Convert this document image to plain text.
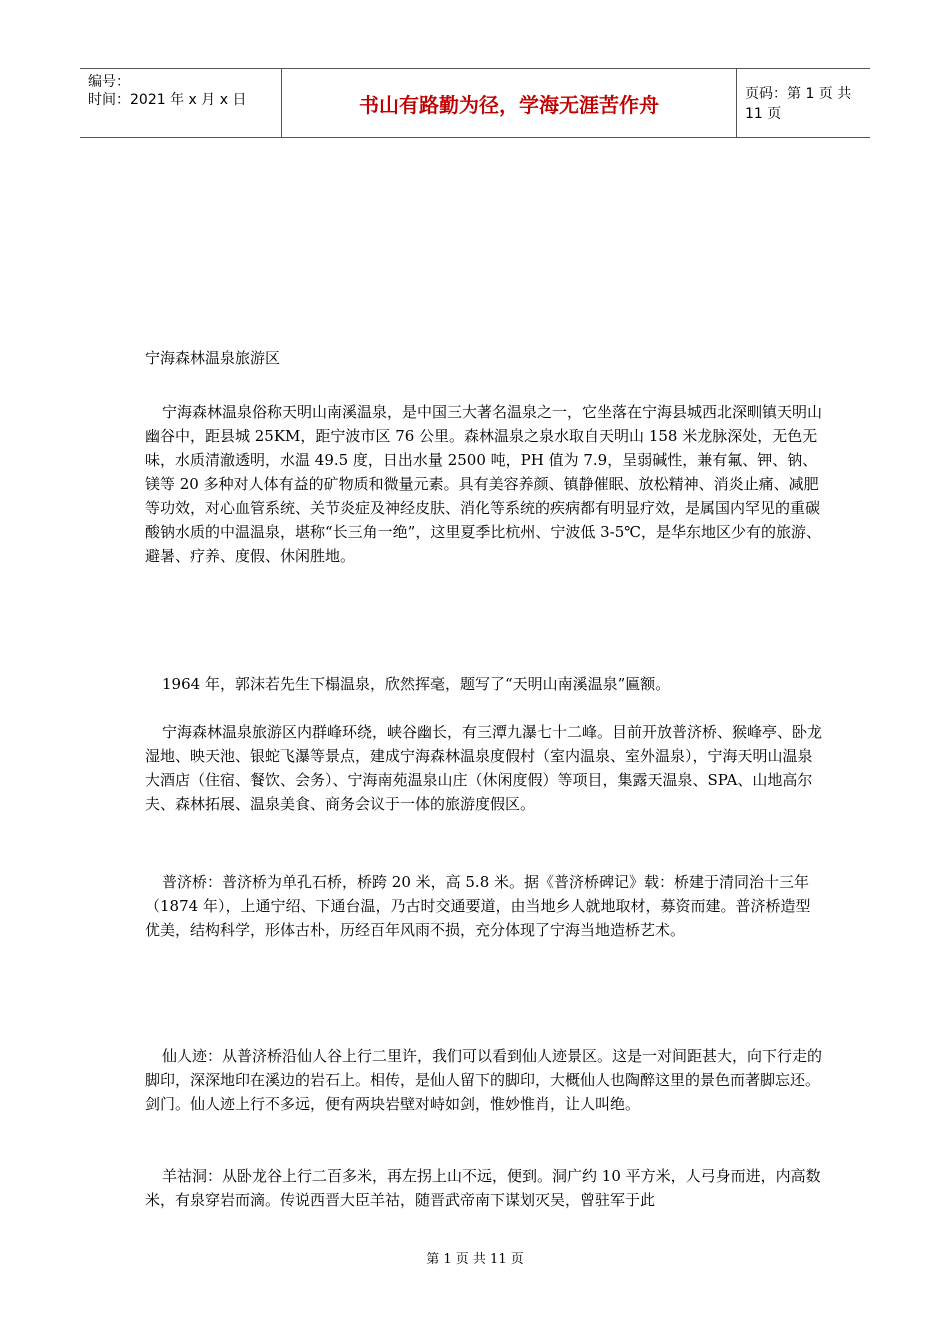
编号：
时间：2021 年 x 月 x 日	书山有路勤为径，学海无涯苦作舟	页码：第 1 页 共 11 页

宁海森林温泉旅游区

宁海森林温泉俗称天明山南溪温泉，是中国三大著名温泉之一，它坐落在宁海县城西北深甽镇天明山幽谷中，距县城 25KM，距宁波市区 76 公里。森林温泉之泉水取自天明山 158 米龙脉深处，无色无味，水质清澈透明，水温 49.5 度，日出水量 2500 吨，PH 值为 7.9，呈弱碱性，兼有氟、钾、钠、镁等 20 多种对人体有益的矿物质和微量元素。具有美容养颜、镇静催眠、放松精神、消炎止痛、减肥等功效，对心血管系统、关节炎症及神经皮肤、消化等系统的疾病都有明显疗效，是属国内罕见的重碳酸钠水质的中温温泉，堪称“长三角一绝”，这里夏季比杭州、宁波低 3-5℃，是华东地区少有的旅游、避暑、疗养、度假、休闲胜地。

1964 年，郭沫若先生下榻温泉，欣然挥毫，题写了“天明山南溪温泉”匾额。

宁海森林温泉旅游区内群峰环绕，峡谷幽长，有三潭九瀑七十二峰。目前开放普济桥、猴峰亭、卧龙湿地、映天池、银蛇飞瀑等景点，建成宁海森林温泉度假村（室内温泉、室外温泉），宁海天明山温泉大酒店（住宿、餐饮、会务）、宁海南苑温泉山庄（休闲度假）等项目，集露天温泉、SPA、山地高尔夫、森林拓展、温泉美食、商务会议于一体的旅游度假区。

普济桥：普济桥为单孔石桥，桥跨 20 米，高 5.8 米。据《普济桥碑记》载：桥建于清同治十三年（1874 年），上通宁绍、下通台温，乃古时交通要道，由当地乡人就地取材，募资而建。普济桥造型优美，结构科学，形体古朴，历经百年风雨不损，充分体现了宁海当地造桥艺术。

仙人迹：从普济桥沿仙人谷上行二里许，我们可以看到仙人迹景区。这是一对间距甚大，向下行走的脚印，深深地印在溪边的岩石上。相传，是仙人留下的脚印，大概仙人也陶醉这里的景色而著脚忘还。

剑门。仙人迹上行不多远，便有两块岩壁对峙如剑，惟妙惟肖，让人叫绝。

羊祜洞：从卧龙谷上行二百多米，再左拐上山不远，便到。洞广约 10 平方米，人弓身而进，内高数米，有泉穿岩而滴。传说西晋大臣羊祜，随晋武帝南下谋划灭吴，曾驻军于此

第 1 页 共 11 页
